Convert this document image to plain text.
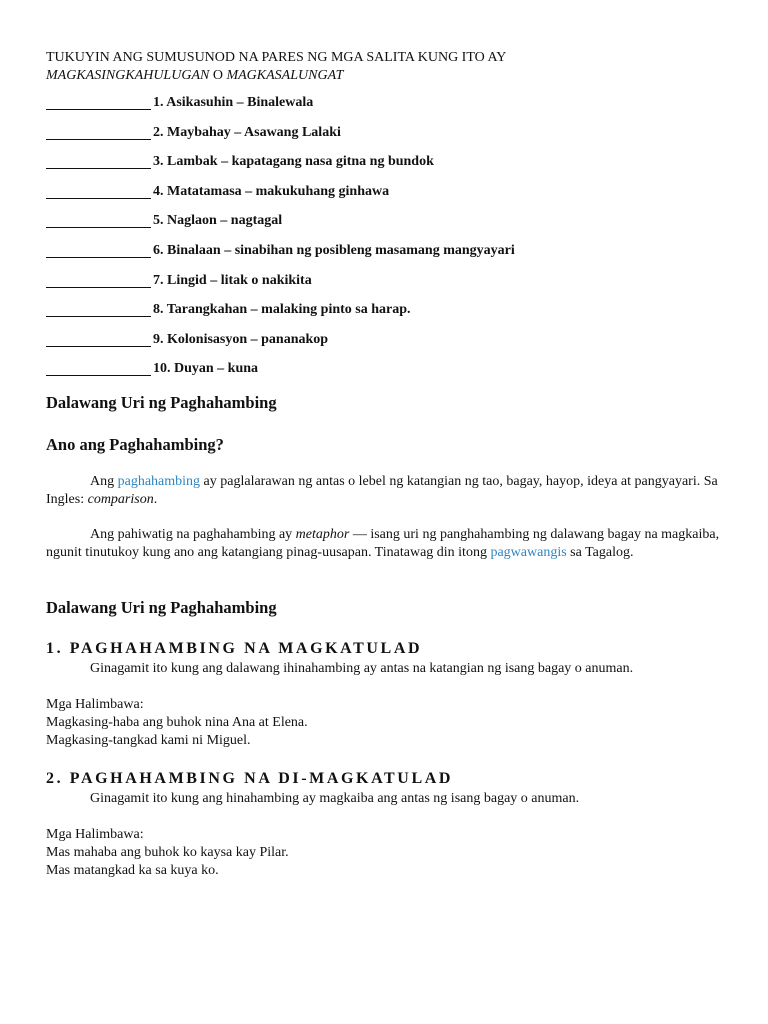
TUKUYIN ANG SUMUSUNOD NA PARES NG MGA SALITA KUNG ITO AY
MAGKASINGKAHULUGAN O MAGKASALUNGAT
1. Asikasuhin – Binalewala
2. Maybahay – Asawang Lalaki
3. Lambak – kapatagang nasa gitna ng bundok
4. Matatamasa – makukuhang ginhawa
5. Naglaon – nagtagal
6. Binalaan – sinabihan ng posibleng masamang mangyayari
7. Lingid – litak o nakikita
8. Tarangkahan – malaking pinto sa harap.
9. Kolonisasyon – pananakop
10. Duyan – kuna
Dalawang Uri ng Paghahambing
Ano ang Paghahambing?

Ang paghahambing ay paglalarawan ng antas o lebel ng katangian ng tao, bagay, hayop, ideya at pangyayari. Sa Ingles: comparison.

Ang pahiwatig na paghahambing ay metaphor — isang uri ng panghahambing ng dalawang bagay na magkaiba, ngunit tinutukoy kung ano ang katangiang pinag-uusapan. Tinatawag din itong pagwawangis sa Tagalog.

Dalawang Uri ng Paghahambing
1. PAGHAHAMBING NA MAGKATULAD
Ginagamit ito kung ang dalawang ihinahambing ay antas na katangian ng isang bagay o anuman.

Mga Halimbawa:
Magkasing-haba ang buhok nina Ana at Elena.
Magkasing-tangkad kami ni Miguel.

2. PAGHAHAMBING NA DI-MAGKATULAD
Ginagamit ito kung ang hinahambing ay magkaiba ang antas ng isang bagay o anuman.

Mga Halimbawa:
Mas mahaba ang buhok ko kaysa kay Pilar.
Mas matangkad ka sa kuya ko.
